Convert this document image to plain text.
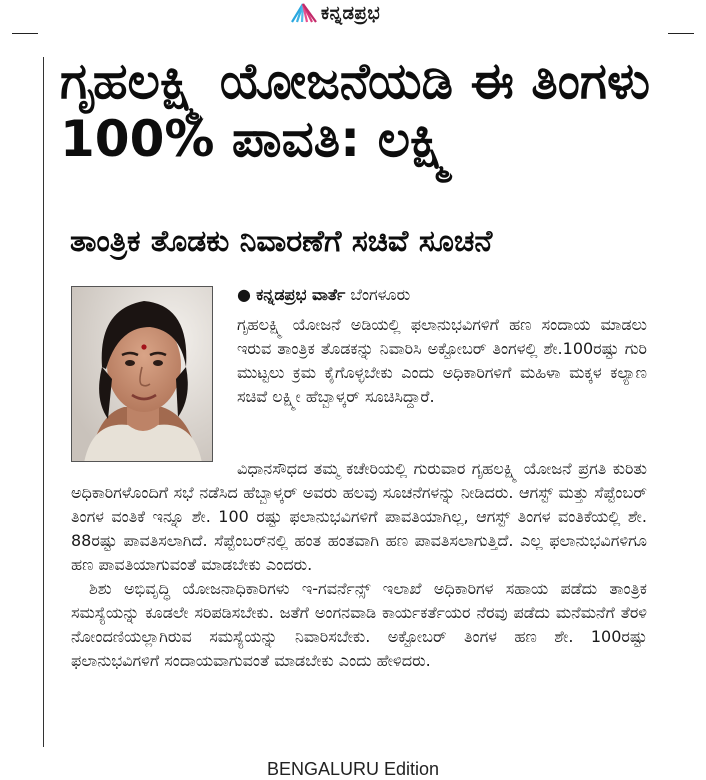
ಕನ್ನಡಪ್ರಭ
ಗೃಹಲಕ್ಷ್ಮಿ ಯೋಜನೆಯಡಿ ಈ ತಿಂಗಳು 100% ಪಾವತಿ: ಲಕ್ಷ್ಮಿ
ತಾಂತ್ರಿಕ ತೊಡಕು ನಿವಾರಣೆಗೆ ಸಚಿವೆ ಸೂಚನೆ
● ಕನ್ನಡಪ್ರಭ ವಾರ್ತೆ ಬೆಂಗಳೂರು

ಗೃಹಲಕ್ಷ್ಮಿ ಯೋಜನೆ ಅಡಿಯಲ್ಲಿ ಫಲಾನುಭವಿಗಳಿಗೆ ಹಣ ಸಂದಾಯ ಮಾಡಲು ಇರುವ ತಾಂತ್ರಿಕ ತೊಡಕನ್ನು ನಿವಾರಿಸಿ ಅಕ್ಟೋಬರ್ ತಿಂಗಳಲ್ಲಿ ಶೇ.100ರಷ್ಟು ಗುರಿ ಮುಟ್ಟಲು ಕ್ರಮ ಕೈಗೊಳ್ಳಬೇಕು ಎಂದು ಅಧಿಕಾರಿಗಳಿಗೆ ಮಹಿಳಾ ಮಕ್ಕಳ ಕಲ್ಯಾಣ ಸಚಿವೆ ಲಕ್ಷ್ಮೀ ಹೆಬ್ಬಾಳ್ಕರ್ ಸೂಚಿಸಿದ್ದಾರೆ.

ವಿಧಾನಸೌಧದ ತಮ್ಮ ಕಚೇರಿಯಲ್ಲಿ ಗುರುವಾರ ಗೃಹಲಕ್ಷ್ಮಿ ಯೋಜನೆ ಪ್ರಗತಿ ಕುರಿತು ಅಧಿಕಾರಿಗಳೊಂದಿಗೆ ಸಭೆ ನಡೆಸಿದ ಹೆಬ್ಬಾಳ್ಕರ್ ಅವರು ಹಲವು ಸೂಚನೆಗಳನ್ನು ನೀಡಿದರು. ಆಗಸ್ಟ್ ಮತ್ತು ಸೆಪ್ಟೆಂಬರ್ ತಿಂಗಳ ವಂತಿಕೆ ಇನ್ನೂ ಶೇ. 100 ರಷ್ಟು ಫಲಾನುಭವಿಗಳಿಗೆ ಪಾವತಿಯಾಗಿಲ್ಲ, ಆಗಸ್ಟ್ ತಿಂಗಳ ವಂತಿಕೆಯಲ್ಲಿ ಶೇ. 88ರಷ್ಟು ಪಾವತಿಸಲಾಗಿದೆ. ಸೆಪ್ಟೆಂಬರ್‌ನಲ್ಲಿ ಹಂತ ಹಂತವಾಗಿ ಹಣ ಪಾವತಿಸಲಾಗುತ್ತಿದೆ. ಎಲ್ಲ ಫಲಾನುಭವಿಗಳಿಗೂ ಹಣ ಪಾವತಿಯಾಗುವಂತೆ ಮಾಡಬೇಕು ಎಂದರು.

ಶಿಶು ಅಭಿವೃದ್ಧಿ ಯೋಜನಾಧಿಕಾರಿಗಳು ಇ-ಗವರ್ನೆನ್ಸ್ ಇಲಾಖೆ ಅಧಿಕಾರಿಗಳ ಸಹಾಯ ಪಡೆದು ತಾಂತ್ರಿಕ ಸಮಸ್ಯೆಯನ್ನು ಕೂಡಲೇ ಸರಿಪಡಿಸಬೇಕು. ಜತೆಗೆ ಅಂಗನವಾಡಿ ಕಾರ್ಯಕರ್ತೆಯರ ನೆರವು ಪಡೆದು ಮನೆಮನೆಗೆ ತೆರಳಿ ನೋಂದಣಿಯಲ್ಲಾಗಿರುವ ಸಮಸ್ಯೆಯನ್ನು ನಿವಾರಿಸಬೇಕು. ಅಕ್ಟೋಬರ್ ತಿಂಗಳ ಹಣ ಶೇ. 100ರಷ್ಟು ಫಲಾನುಭವಿಗಳಿಗೆ ಸಂದಾಯವಾಗುವಂತೆ ಮಾಡಬೇಕು ಎಂದು ಹೇಳಿದರು.

BENGALURU Edition
